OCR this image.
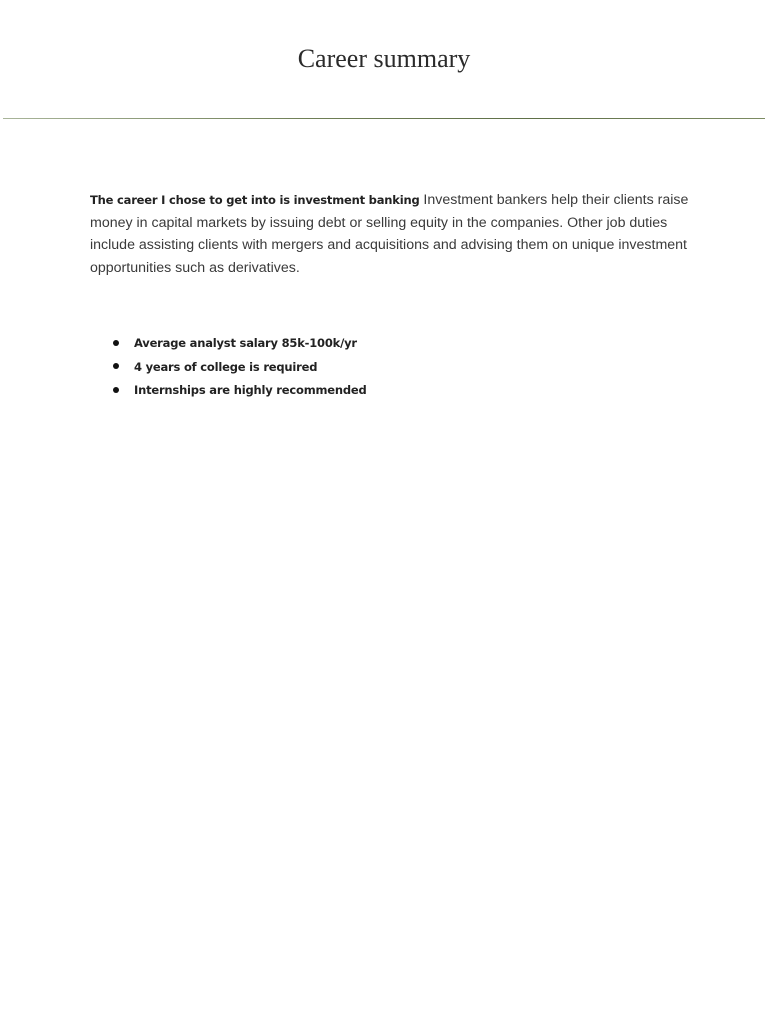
Career summary

The career I chose to get into is investment banking Investment bankers help their clients raise money in capital markets by issuing debt or selling equity in the companies. Other job duties include assisting clients with mergers and acquisitions and advising them on unique investment opportunities such as derivatives.

Average analyst salary 85k-100k/yr
4 years of college is required
Internships are highly recommended
